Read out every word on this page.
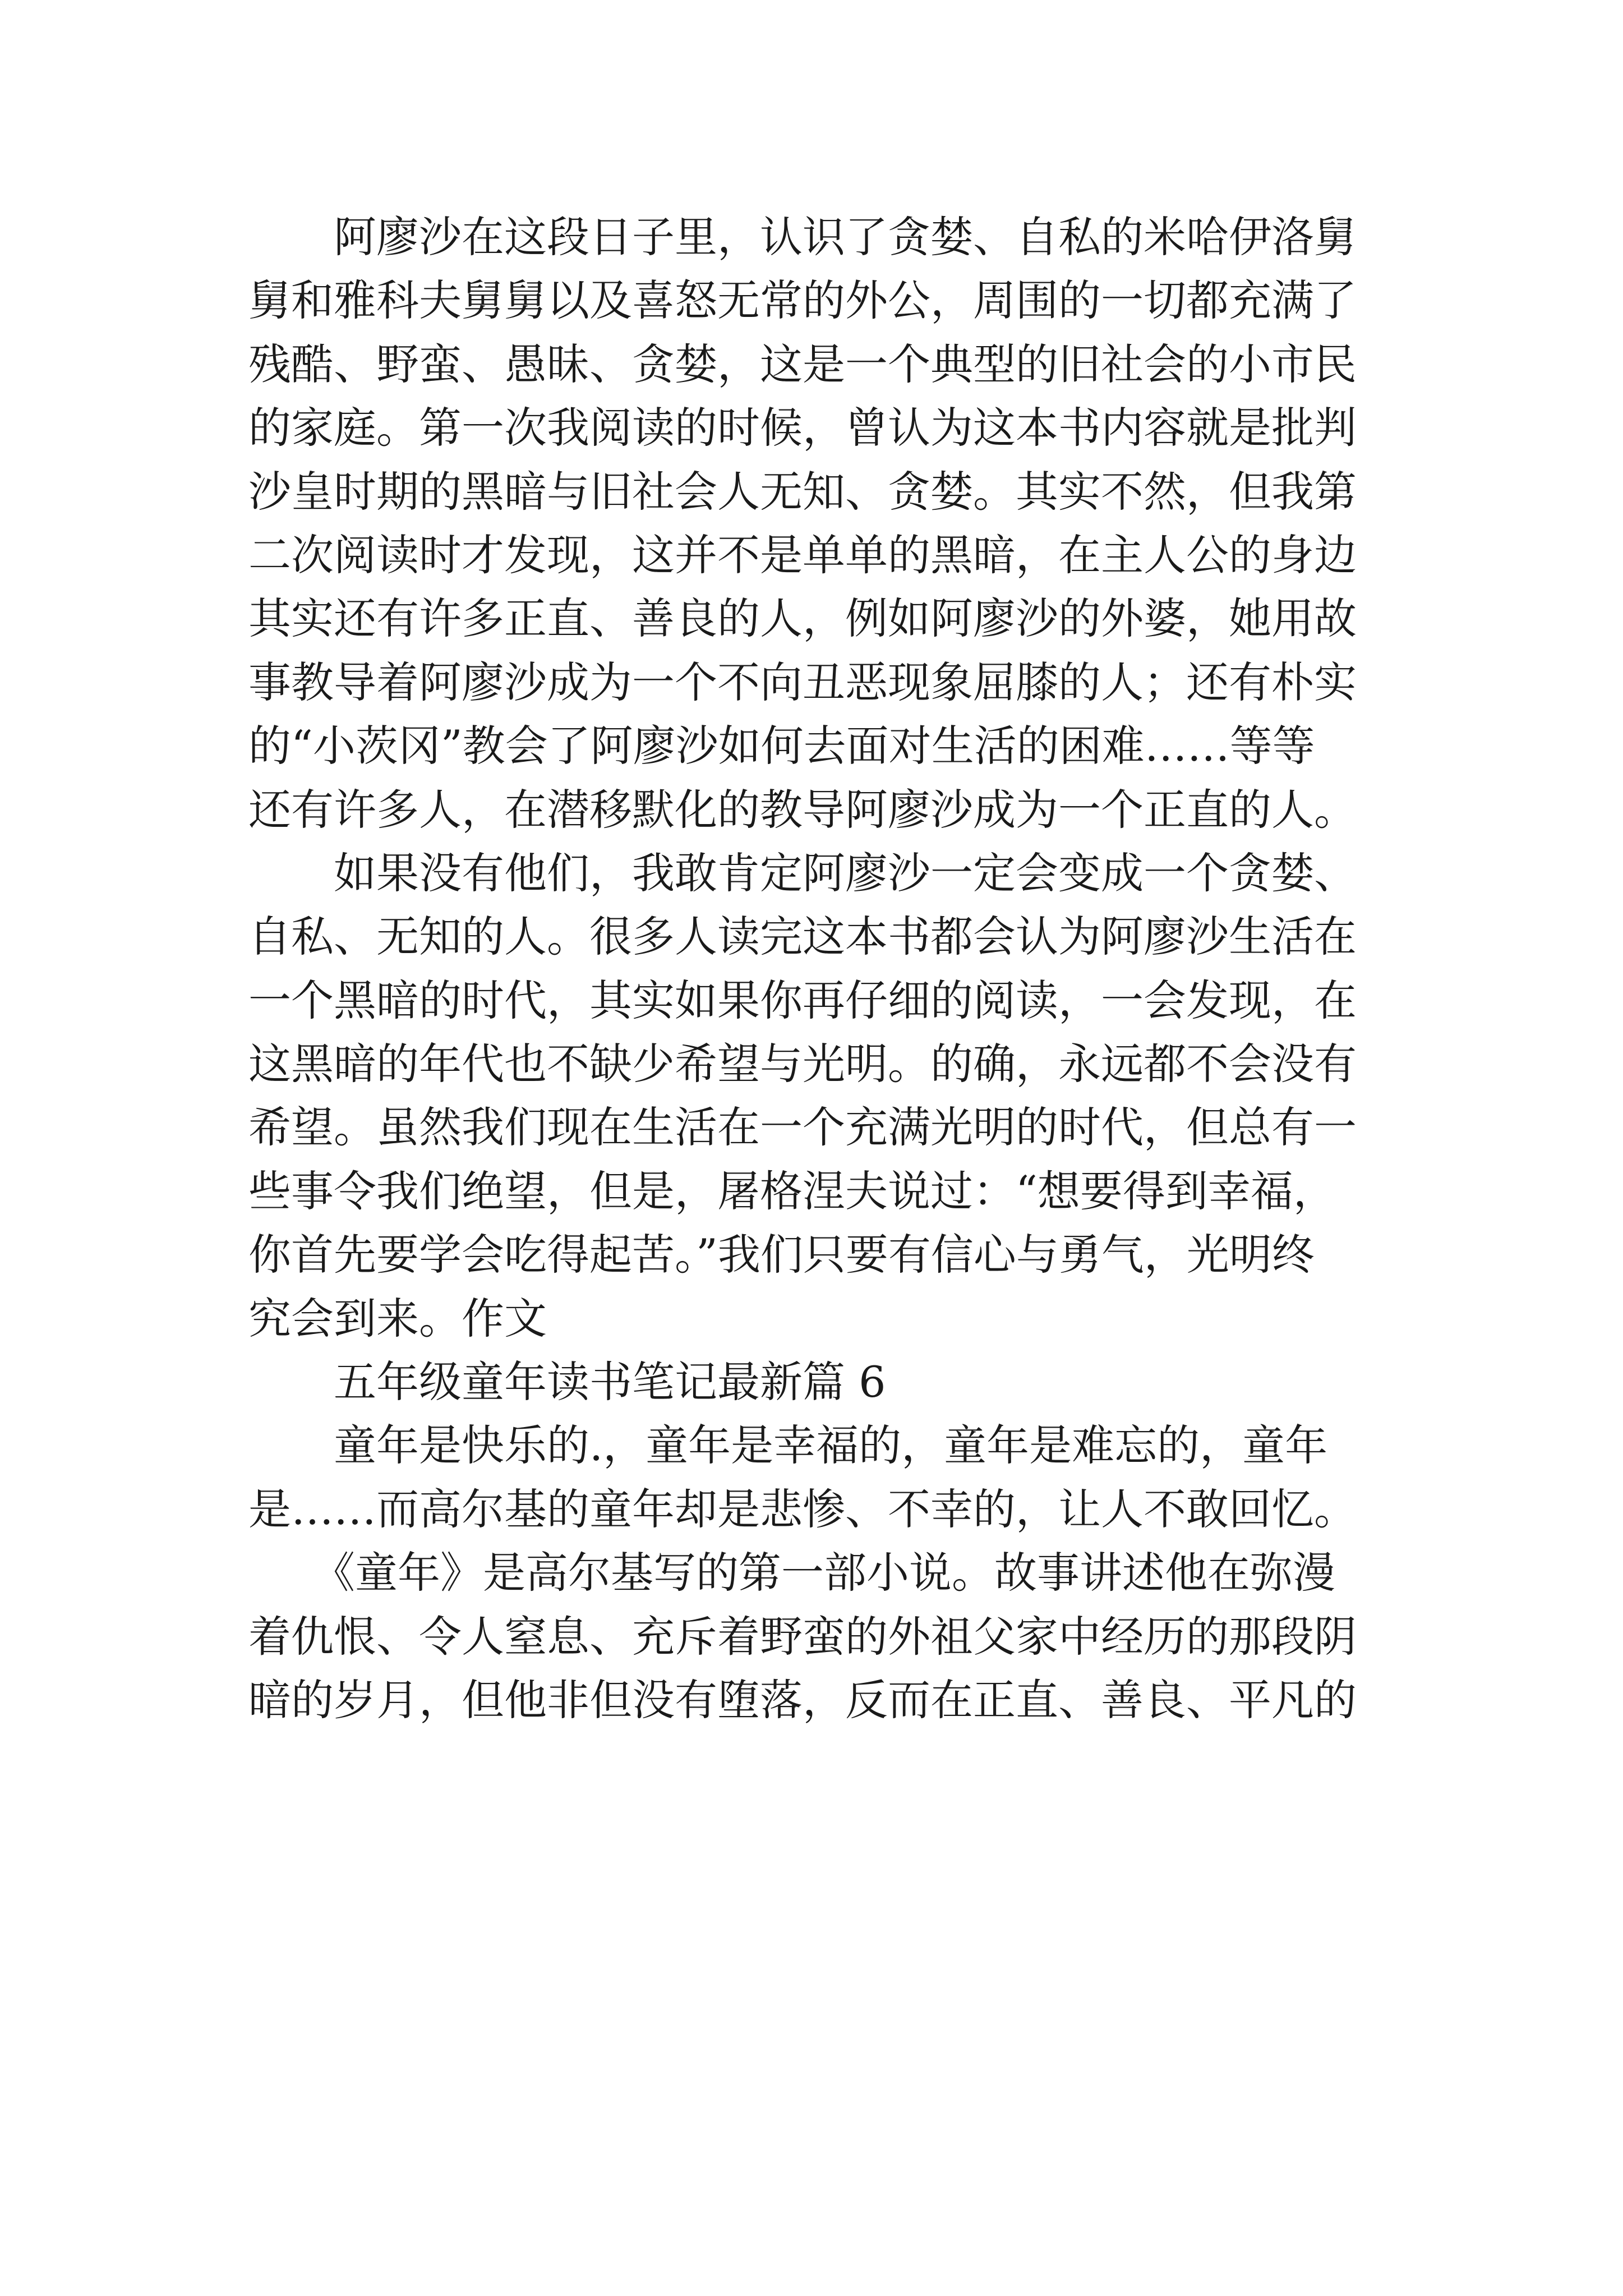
　　阿廖沙在这段日子里，认识了贪婪、自私的米哈伊洛舅
舅和雅科夫舅舅以及喜怒无常的外公，周围的一切都充满了
残酷、野蛮、愚昧、贪婪，这是一个典型的旧社会的小市民
的家庭。第一次我阅读的时候，曾认为这本书内容就是批判
沙皇时期的黑暗与旧社会人无知、贪婪。其实不然，但我第
二次阅读时才发现，这并不是单单的黑暗，在主人公的身边
其实还有许多正直、善良的人，例如阿廖沙的外婆，她用故
事教导着阿廖沙成为一个不向丑恶现象屈膝的人；还有朴实
的“小茨冈”教会了阿廖沙如何去面对生活的困难……等等
还有许多人，在潜移默化的教导阿廖沙成为一个正直的人。

　　如果没有他们，我敢肯定阿廖沙一定会变成一个贪婪、
自私、无知的人。很多人读完这本书都会认为阿廖沙生活在
一个黑暗的时代，其实如果你再仔细的阅读，一会发现，在
这黑暗的年代也不缺少希望与光明。的确，永远都不会没有
希望。虽然我们现在生活在一个充满光明的时代，但总有一
些事令我们绝望，但是，屠格涅夫说过：“想要得到幸福，
你首先要学会吃得起苦。”我们只要有信心与勇气，光明终
究会到来。作文

　　五年级童年读书笔记最新篇 6

　　童年是快乐的.，童年是幸福的，童年是难忘的，童年
是……而高尔基的童年却是悲惨、不幸的，让人不敢回忆。

　　《童年》是高尔基写的第一部小说。故事讲述他在弥漫
着仇恨、令人窒息、充斥着野蛮的外祖父家中经历的那段阴
暗的岁月，但他非但没有堕落，反而在正直、善良、平凡的
